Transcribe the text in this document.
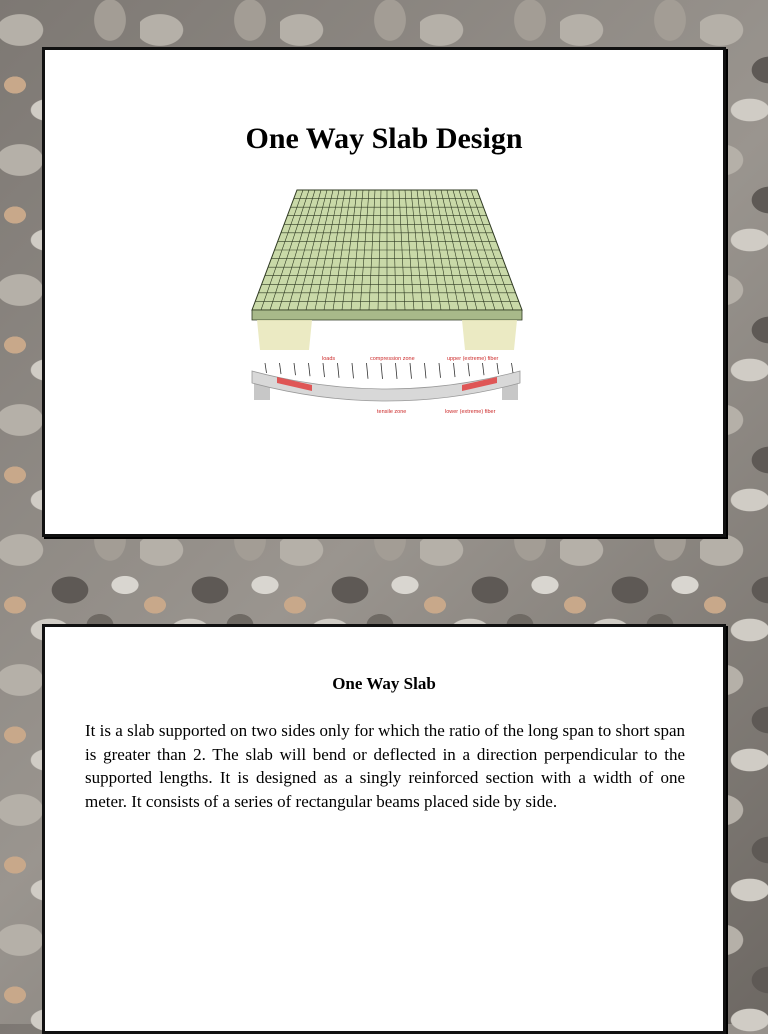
One Way Slab Design
loads	compression zone	upper (extreme) fiber
tensile zone	lower (extreme) fiber
One Way Slab
It is a slab supported on two sides only for which the ratio of the long span to short span is greater than 2. The slab will bend or deflected in a direction perpendicular to the supported lengths. It is designed as a singly reinforced section with a width of one meter. It consists of a series of rectangular beams placed side by side.
